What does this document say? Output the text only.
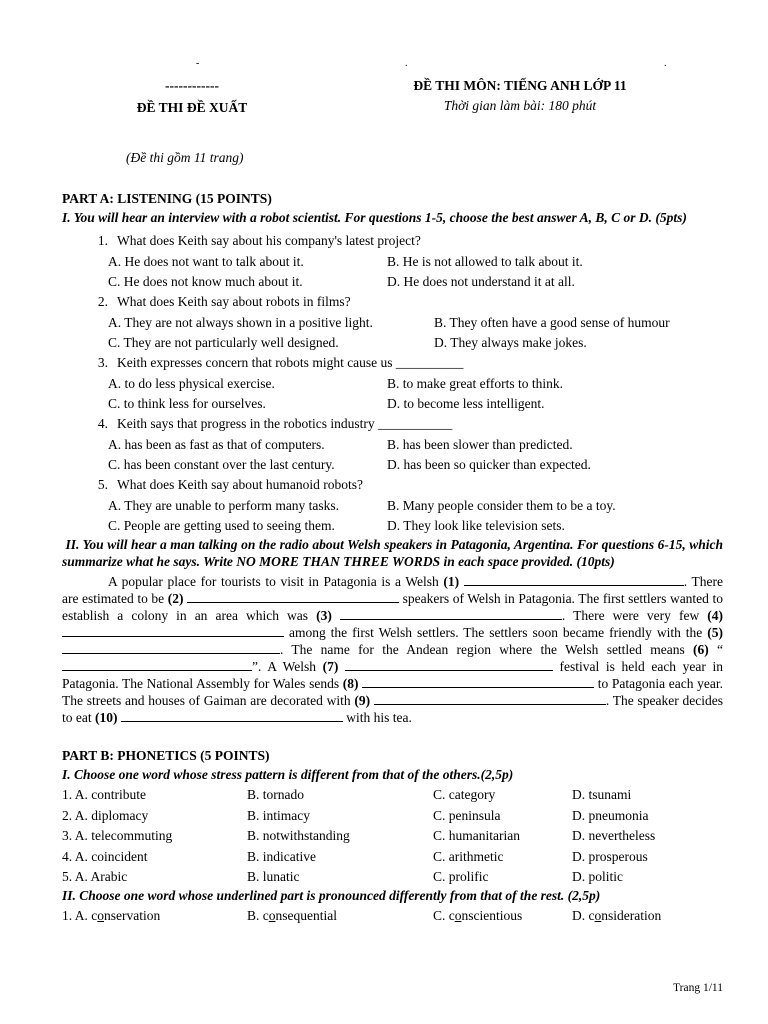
-	.	.
------------
ĐỀ THI ĐỀ XUẤT
ĐỀ THI MÔN: TIẾNG ANH LỚP 11
Thời gian làm bài: 180 phút
(Đề thi gồm 11 trang)
PART A: LISTENING (15 POINTS)
I. You will hear an interview with a robot scientist. For questions 1-5, choose the best answer A, B, C or D. (5pts)
1. What does Keith say about his company's latest project?
A. He does not want to talk about it.	B. He is not allowed to talk about it.
C. He does not know much about it.	D. He does not understand it at all.
2. What does Keith say about robots in films?
A. They are not always shown in a positive light.	B. They often have a good sense of humour
C. They are not particularly well designed.	D. They always make jokes.
3. Keith expresses concern that robots might cause us __________
A. to do less physical exercise.	B. to make great efforts to think.
C. to think less for ourselves.	D. to become less intelligent.
4. Keith says that progress in the robotics industry ___________
A. has been as fast as that of computers.	B. has been slower than predicted.
C. has been constant over the last century.	D. has been so quicker than expected.
5. What does Keith say about humanoid robots?
A. They are unable to perform many tasks.	B. Many people consider them to be a toy.
C. People are getting used to seeing them.	D. They look like television sets.
II. You will hear a man talking on the radio about Welsh speakers in Patagonia, Argentina. For questions 6-15, which summarize what he says. Write NO MORE THAN THREE WORDS in each space provided. (10pts)
A popular place for tourists to visit in Patagonia is a Welsh (1)	. There are estimated to be (2)	speakers of Welsh in Patagonia. The first settlers wanted to establish a colony in an area which was (3)	. There were very few (4)  among the first Welsh settlers. The settlers soon became friendly with the (5) . The name for the Andean region where the Welsh settled means (6) “”. A Welsh (7)	festival is held each year in Patagonia. The National Assembly for Wales sends (8)	to Patagonia each year. The streets and houses of Gaiman are decorated with (9)	. The speaker decides to eat (10)	with his tea.
PART B: PHONETICS (5 POINTS)
I. Choose one word whose stress pattern is different from that of the others.(2,5p)
1. A. contribute	B. tornado	C. category	D. tsunami
2. A. diplomacy	B. intimacy	C. peninsula	D. pneumonia
3. A. telecommuting	B. notwithstanding	C. humanitarian	D. nevertheless
4. A. coincident	B. indicative	C. arithmetic	D. prosperous
5. A. Arabic	B. lunatic	C. prolific	D. politic
II. Choose one word whose underlined part is pronounced differently from that of the rest. (2,5p)
1. A. conservation	B. consequential	C. conscientious	D. consideration
Trang 1/11
